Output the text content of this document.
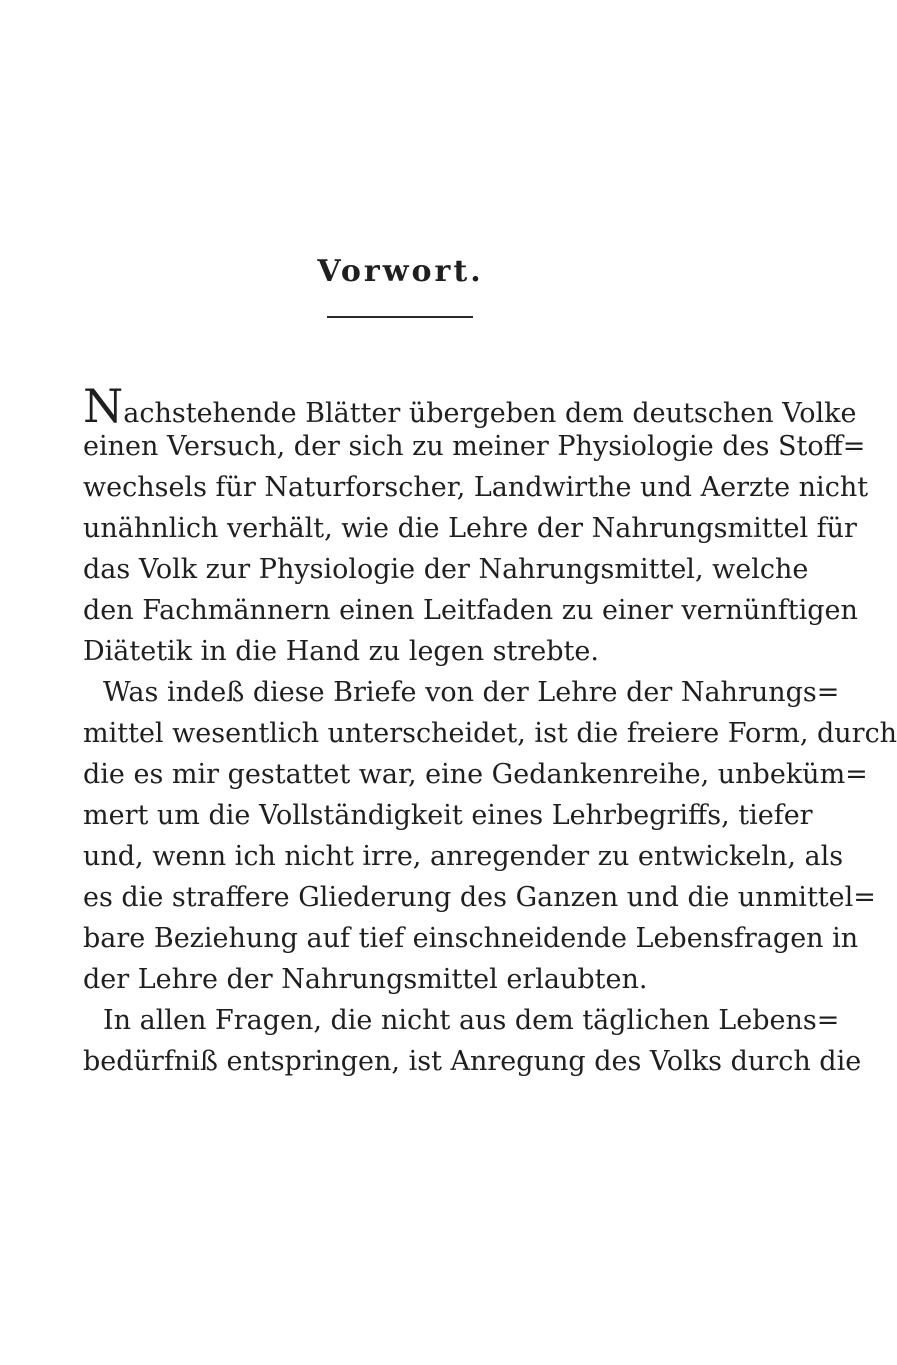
Vorwort.
Nachstehende Blätter übergeben dem deutschen Volke
einen Versuch, der sich zu meiner Physiologie des Stoff=
wechsels für Naturforscher, Landwirthe und Aerzte nicht
unähnlich verhält, wie die Lehre der Nahrungsmittel für
das Volk zur Physiologie der Nahrungsmittel, welche
den Fachmännern einen Leitfaden zu einer vernünftigen
Diätetik in die Hand zu legen strebte.
Was indeß diese Briefe von der Lehre der Nahrungs=
mittel wesentlich unterscheidet, ist die freiere Form, durch
die es mir gestattet war, eine Gedankenreihe, unbeküm=
mert um die Vollständigkeit eines Lehrbegriffs, tiefer
und, wenn ich nicht irre, anregender zu entwickeln, als
es die straffere Gliederung des Ganzen und die unmittel=
bare Beziehung auf tief einschneidende Lebensfragen in
der Lehre der Nahrungsmittel erlaubten.
In allen Fragen, die nicht aus dem täglichen Lebens=
bedürfniß entspringen, ist Anregung des Volks durch die
